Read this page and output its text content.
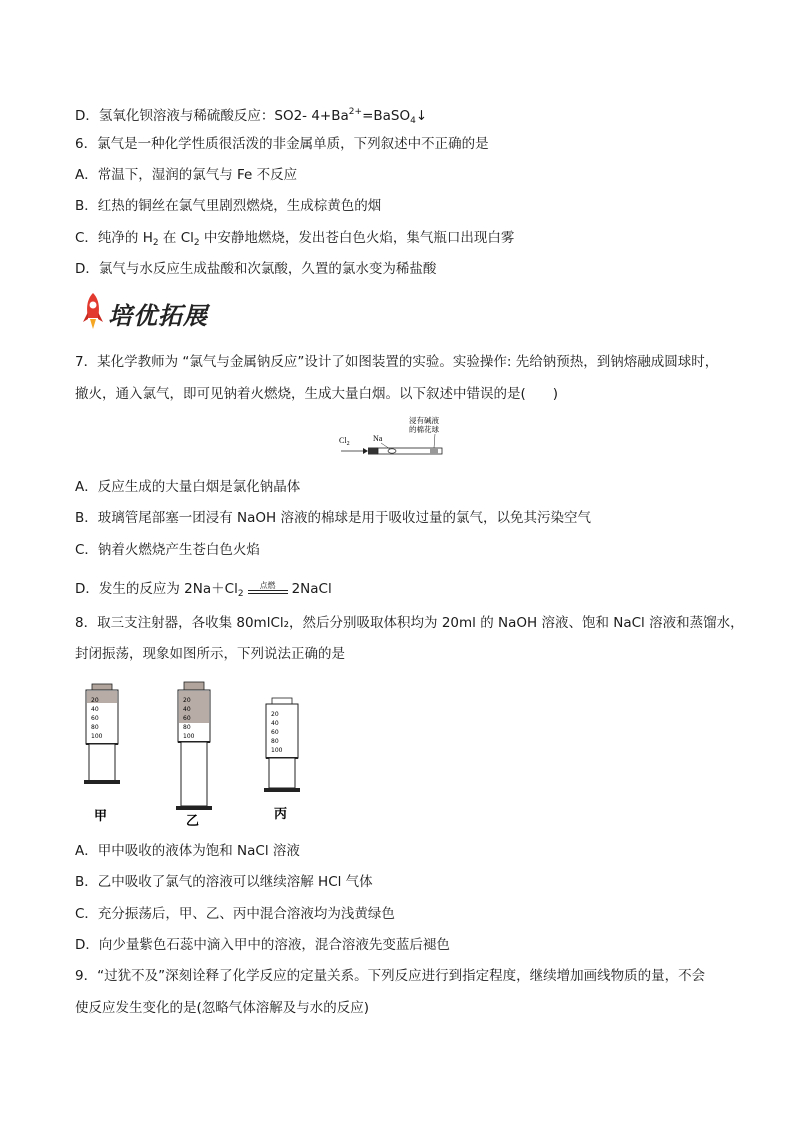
D．氢氧化钡溶液与稀硫酸反应：SO2- $4+Ba^{2+}=BaSO_4↓$
6．氯气是一种化学性质很活泼的非金属单质，下列叙述中不正确的是
A．常温下，湿润的氯气与 Fe 不反应
B．红热的铜丝在氯气里剧烈燃烧，生成棕黄色的烟
C．纯净的 $H_2$ 在 $Cl_2$ 中安静地燃烧，发出苍白色火焰，集气瓶口出现白雾
D．氯气与水反应生成盐酸和次氯酸，久置的氯水变为稀盐酸
培优拓展
7．某化学教师为 “氯气与金属钠反应”设计了如图装置的实验。实验操作: 先给钠预热，到钠熔融成圆球时，
撤火，通入氯气，即可见钠着火燃烧，生成大量白烟。以下叙述中错误的是(　　)
$Cl_2$
Na
浸有碱液
的棉花球
A．反应生成的大量白烟是氯化钠晶体
B．玻璃管尾部塞一团浸有 NaOH 溶液的棉球是用于吸收过量的氯气，以免其污染空气
C．钠着火燃烧产生苍白色火焰
D．发生的反应为 $2Na+Cl_2$
点燃	2NaCl
8．取三支注射器，各收集 80mlCl₂，然后分别吸取体积均为 20ml 的 NaOH 溶液、饱和 NaCl 溶液和蒸馏水，
封闭振荡，现象如图所示，下列说法正确的是
20
40
60
80
100
甲
20
40
60
80
100
乙
20
40
60
80
100
丙
A．甲中吸收的液体为饱和 NaCl 溶液
B．乙中吸收了氯气的溶液可以继续溶解 HCl 气体
C．充分振荡后，甲、乙、丙中混合溶液均为浅黄绿色
D．向少量紫色石蕊中滴入甲中的溶液，混合溶液先变蓝后褪色
9．“过犹不及”深刻诠释了化学反应的定量关系。下列反应进行到指定程度，继续增加画线物质的量，不会
使反应发生变化的是(忽略气体溶解及与水的反应)
